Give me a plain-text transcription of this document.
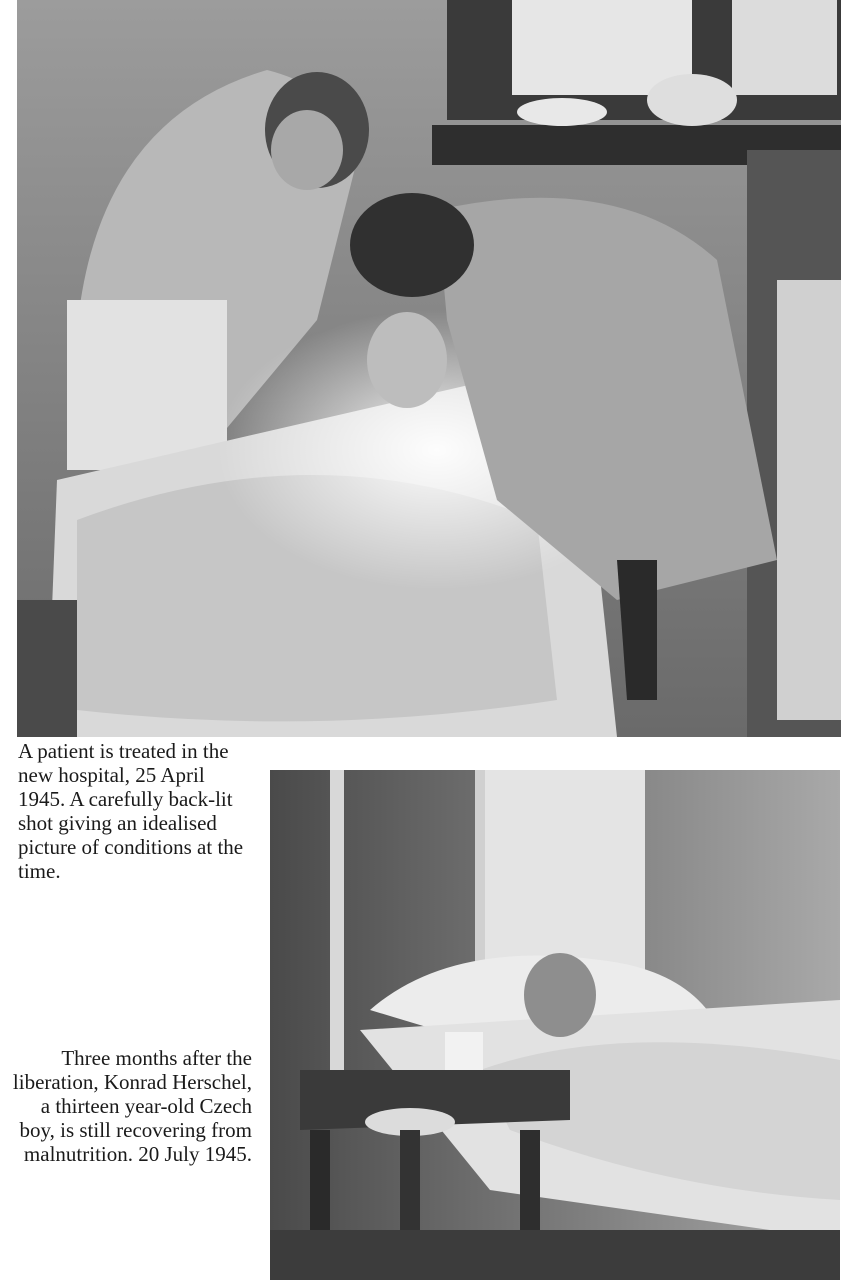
A patient is treated in the new hospital, 25 April 1945. A carefully back-lit shot giving an idealised picture of conditions at the time.

Three months after the liberation, Konrad Herschel, a thirteen year-old Czech boy, is still recovering from malnutrition. 20 July 1945.
